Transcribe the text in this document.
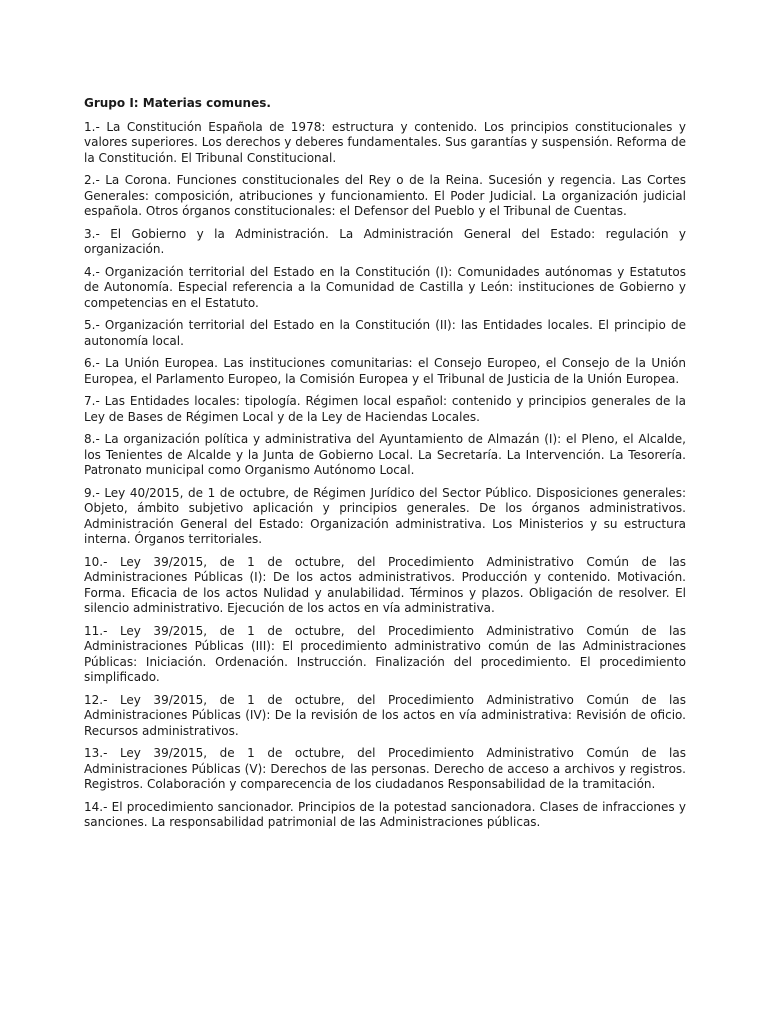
Grupo I: Materias comunes.

1.- La Constitución Española de 1978: estructura y contenido. Los principios constitucionales y valores superiores. Los derechos y deberes fundamentales. Sus garantías y suspensión. Reforma de la Constitución. El Tribunal Constitucional.

2.- La Corona. Funciones constitucionales del Rey o de la Reina. Sucesión y regencia. Las Cortes Generales: composición, atribuciones y funcionamiento. El Poder Judicial. La organización judicial española. Otros órganos constitucionales: el Defensor del Pueblo y el Tribunal de Cuentas.

3.- El Gobierno y la Administración. La Administración General del Estado: regulación y organización.

4.- Organización territorial del Estado en la Constitución (I): Comunidades autónomas y Estatutos de Autonomía. Especial referencia a la Comunidad de Castilla y León: instituciones de Gobierno y competencias en el Estatuto.

5.- Organización territorial del Estado en la Constitución (II): las Entidades locales. El principio de autonomía local.

6.- La Unión Europea. Las instituciones comunitarias: el Consejo Europeo, el Consejo de la Unión Europea, el Parlamento Europeo, la Comisión Europea y el Tribunal de Justicia de la Unión Europea.

7.- Las Entidades locales: tipología. Régimen local español: contenido y principios generales de la Ley de Bases de Régimen Local y de la Ley de Haciendas Locales.

8.- La organización política y administrativa del Ayuntamiento de Almazán (I): el Pleno, el Alcalde, los Tenientes de Alcalde y la Junta de Gobierno Local. La Secretaría. La Intervención. La Tesorería. Patronato municipal como Organismo Autónomo Local.

9.- Ley 40/2015, de 1 de octubre, de Régimen Jurídico del Sector Público. Disposiciones generales: Objeto, ámbito subjetivo aplicación y principios generales. De los órganos administrativos. Administración General del Estado: Organización administrativa. Los Ministerios y su estructura interna. Órganos territoriales.

10.- Ley 39/2015, de 1 de octubre, del Procedimiento Administrativo Común de las Administraciones Públicas (I): De los actos administrativos. Producción y contenido. Motivación. Forma. Eficacia de los actos Nulidad y anulabilidad. Términos y plazos. Obligación de resolver. El silencio administrativo. Ejecución de los actos en vía administrativa.

11.- Ley 39/2015, de 1 de octubre, del Procedimiento Administrativo Común de las Administraciones Públicas (III): El procedimiento administrativo común de las Administraciones Públicas: Iniciación. Ordenación. Instrucción. Finalización del procedimiento. El procedimiento simplificado.

12.- Ley 39/2015, de 1 de octubre, del Procedimiento Administrativo Común de las Administraciones Públicas (IV): De la revisión de los actos en vía administrativa: Revisión de oficio. Recursos administrativos.

13.- Ley 39/2015, de 1 de octubre, del Procedimiento Administrativo Común de las Administraciones Públicas (V): Derechos de las personas. Derecho de acceso a archivos y registros. Registros. Colaboración y comparecencia de los ciudadanos Responsabilidad de la tramitación.

14.- El procedimiento sancionador. Principios de la potestad sancionadora. Clases de infracciones y sanciones. La responsabilidad patrimonial de las Administraciones públicas.
